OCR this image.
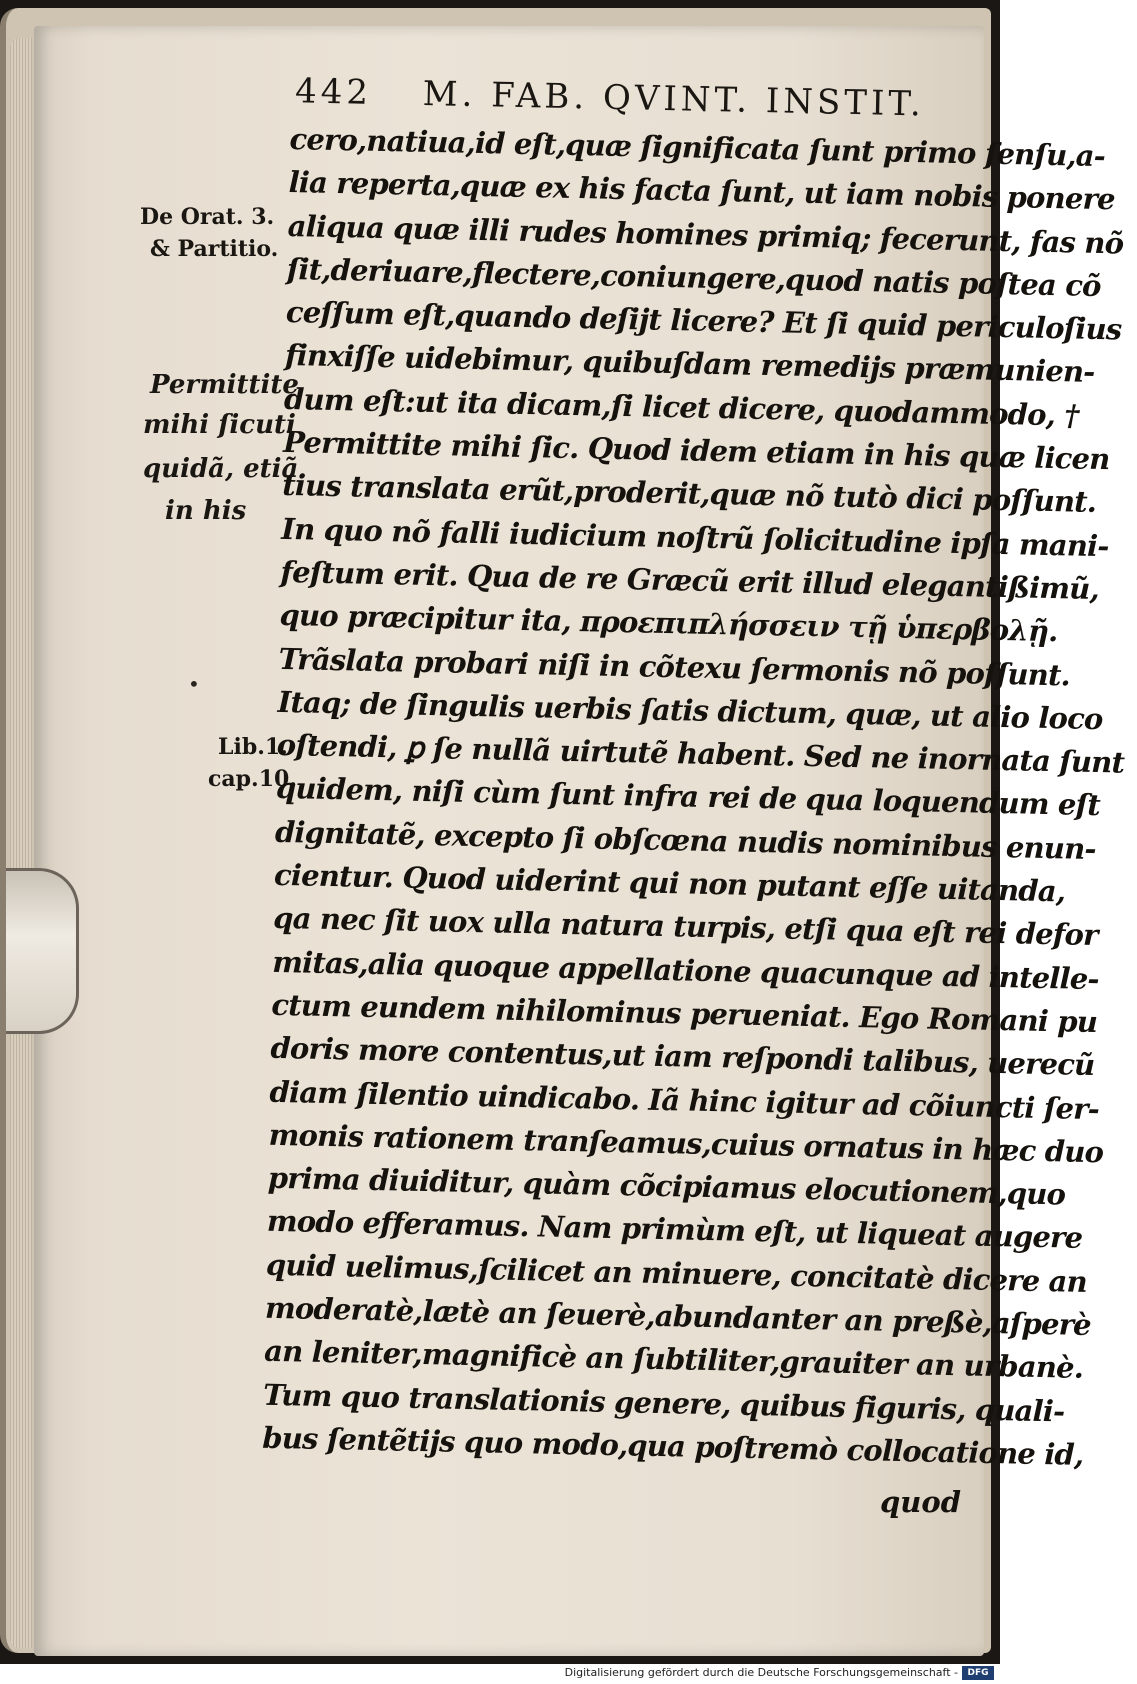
442 M. FAB. QVINT. INSTIT.
De Orat. 3.
& Partitio.
Permittite
mihi ſicuti
quidã, etiã
in his
•
Lib.1.
cap.10.
cero,natiua,id eſt,quæ ſignificata ſunt primo ſenſu,a-
lia reperta,quæ ex his facta ſunt, ut iam nobis ponere
aliqua quæ illi rudes homines primiq; fecerunt, fas nõ
ſit,deriuare,flectere,coniungere,quod natis poſtea cõ
ceſſum eſt,quando deſijt licere? Et ſi quid periculoſius
finxiſſe uidebimur, quibuſdam remedijs præmunien-
dum eſt:ut ita dicam,ſi licet dicere, quodammodo, †
Permittite mihi ſic. Quod idem etiam in his quæ licen
tius translata erũt,proderit,quæ nõ tutò dici poſſunt.
In quo nõ falli iudicium noſtrũ ſolicitudine ipſa mani-
feſtum erit. Qua de re Græcũ erit illud elegantißimũ,
quo præcipitur ita, προεπιπλήσσειν τῇ ὑπερβολῇ.
Trãslata probari niſi in cõtexu ſermonis nõ poſſunt.
Itaq; de ſingulis uerbis ſatis dictum, quæ, ut alio loco
oſtendi, ꝑ ſe nullã uirtutẽ habent. Sed ne inornata ſunt
quidem, niſi cùm ſunt infra rei de qua loquendum eſt
dignitatẽ, excepto ſi obſcœna nudis nominibus enun-
cientur. Quod uiderint qui non putant eſſe uitanda,
qa nec ſit uox ulla natura turpis, etſi qua eſt rei defor
mitas,alia quoque appellatione quacunque ad intelle-
ctum eundem nihilominus perueniat. Ego Romani pu
doris more contentus,ut iam reſpondi talibus, uerecũ
diam ſilentio uindicabo. Iã hinc igitur ad cõiuncti ſer-
monis rationem tranſeamus,cuius ornatus in hæc duo
prima diuiditur, quàm cõcipiamus elocutionem,quo
modo efferamus. Nam primùm eſt, ut liqueat augere
quid uelimus,ſcilicet an minuere, concitatè dicere an
moderatè,lætè an ſeuerè,abundanter an preßè,aſperè
an leniter,magnificè an ſubtiliter,grauiter an urbanè.
Tum quo translationis genere, quibus figuris, quali-
bus ſentẽtijs quo modo,qua poſtremò collocatione id,
quod
Digitalisierung gefördert durch die Deutsche Forschungsgemeinschaft -	DFG
